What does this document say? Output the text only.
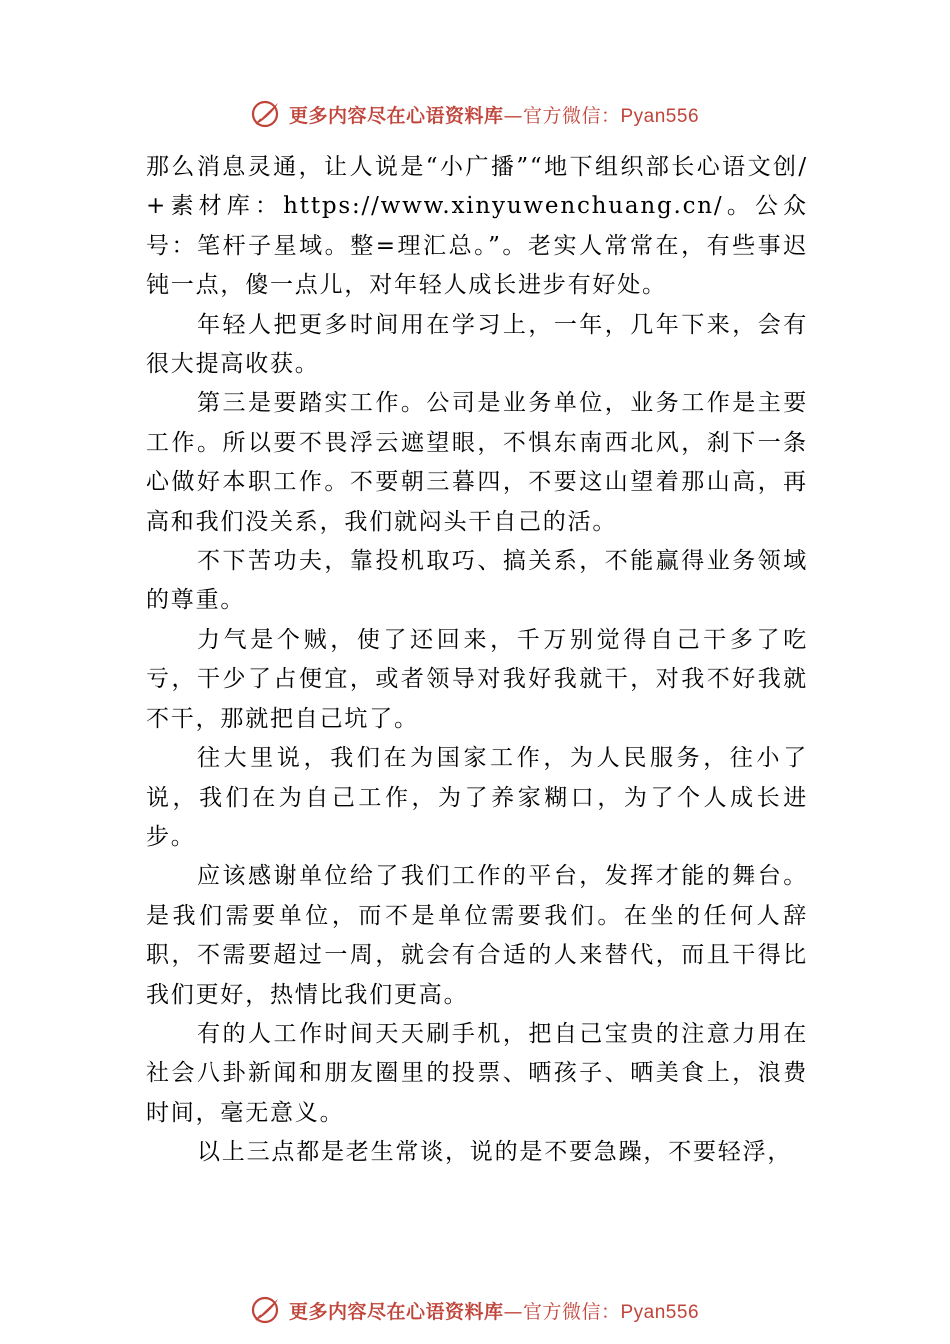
更多内容尽在心语资料库—官方微信：Pyan556

那么消息灵通，让人说是“小广播”“地下组织部长心语文创/+素材库：https://www.xinyuwenchuang.cn/。公众号：笔杆子星域。整=理汇总。”。老实人常常在，有些事迟钝一点，傻一点儿，对年轻人成长进步有好处。

年轻人把更多时间用在学习上，一年，几年下来，会有很大提高收获。

第三是要踏实工作。公司是业务单位，业务工作是主要工作。所以要不畏浮云遮望眼，不惧东南西北风，刹下一条心做好本职工作。不要朝三暮四，不要这山望着那山高，再高和我们没关系，我们就闷头干自己的活。

不下苦功夫，靠投机取巧、搞关系，不能赢得业务领域的尊重。

力气是个贼，使了还回来，千万别觉得自己干多了吃亏，干少了占便宜，或者领导对我好我就干，对我不好我就不干，那就把自己坑了。

往大里说，我们在为国家工作，为人民服务，往小了说，我们在为自己工作，为了养家糊口，为了个人成长进步。

应该感谢单位给了我们工作的平台，发挥才能的舞台。是我们需要单位，而不是单位需要我们。在坐的任何人辞职，不需要超过一周，就会有合适的人来替代，而且干得比我们更好，热情比我们更高。

有的人工作时间天天刷手机，把自己宝贵的注意力用在社会八卦新闻和朋友圈里的投票、晒孩子、晒美食上，浪费时间，毫无意义。

以上三点都是老生常谈，说的是不要急躁，不要轻浮，

更多内容尽在心语资料库—官方微信：Pyan556
